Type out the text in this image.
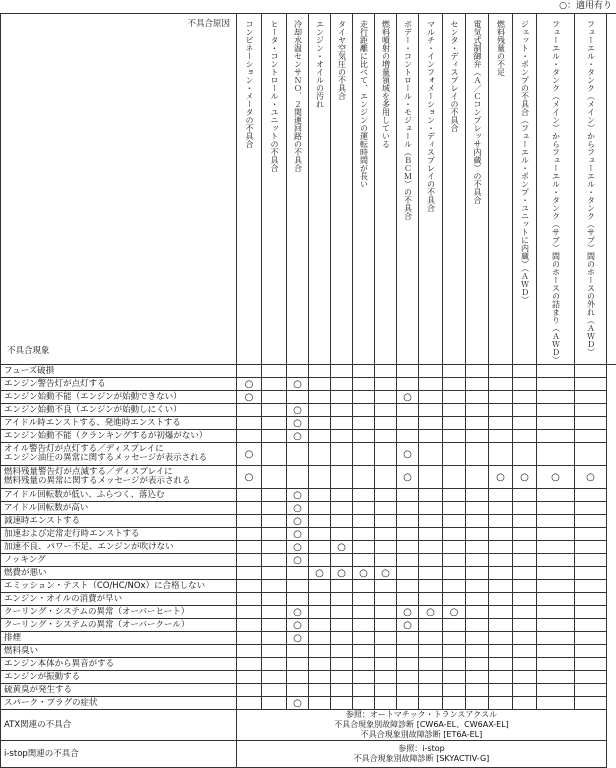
○：適用有り
不具合原因
不具合現象	コンビネーション・メータの不具合	ヒータ・コントロール・ユニットの不具合	冷却水温センサＮＯ．２関連回路の不具合	エンジン・オイルの汚れ	タイヤ空気圧の不具合	走行距離に比べて、エンジンの運転時間が長い	燃料噴射の増量領域を多用している	ボデー・コントロール・モジュール（ＢＣＭ）の不具合	マルチ・インフォメーション・ディスプレイの不具合	センタ・ディスプレイの不具合	電気式制御弁（Ａ／Ｃコンプレッサ内蔵）の不具合	燃料残量の不足	ジェット・ポンプの不具合（フューエル・ポンプ・ユニットに内蔵）（ＡＷＤ）	フューエル・タンク（メイン）からフューエル・タンク（サブ）間のホースの詰まり（ＡＷＤ）	フューエル・タンク（メイン）からフューエル・タンク（サブ）間のホースの外れ（ＡＷＤ）	

フューズ破損																
エンジン警告灯が点灯する	○		○													
エンジン始動不能（エンジンが始動できない）	○							○								
エンジン始動不良（エンジンが始動しにくい）			○													
アイドル時エンストする、発進時エンストする			○													
エンジン始動不能（クランキングするが初爆がない）			○													
オイル警告灯が点灯する／ディスプレイに
エンジン油圧の異常に関するメッセージが表示される	○							○								
燃料残量警告灯が点滅する／ディスプレイに
燃料残量の異常に関するメッセージが表示される	○							○				○	○	○	○	
アイドル回転数が低い、ふらつく、落込む			○													
アイドル回転数が高い			○													
減速時エンストする			○													
加速および定常走行時エンストする			○													
加速不良、パワー不足、エンジンが吹けない			○		○											
ノッキング			○													
燃費が悪い				○	○	○	○									
エミッション・テスト（CO/HC/NOx）に合格しない																
エンジン・オイルの消費が早い																
クーリング・システムの異常（オーバーヒート）			○					○	○	○						
クーリング・システムの異常（オーバークール）			○					○								
排煙			○													
燃料臭い																
エンジン本体から異音がする																
エンジンが振動する																
硫黄臭が発生する																
スパーク・プラグの症状			○													
ATX関連の不具合	参照：オートマチック・トランスアクスル
不具合現象別故障診断 [CW6A-EL、CW6AX-EL]
不具合現象別故障診断 [ET6A-EL]															
i-stop関連の不具合	参照：i-stop
不具合現象別故障診断 [SKYACTIV-G]															
